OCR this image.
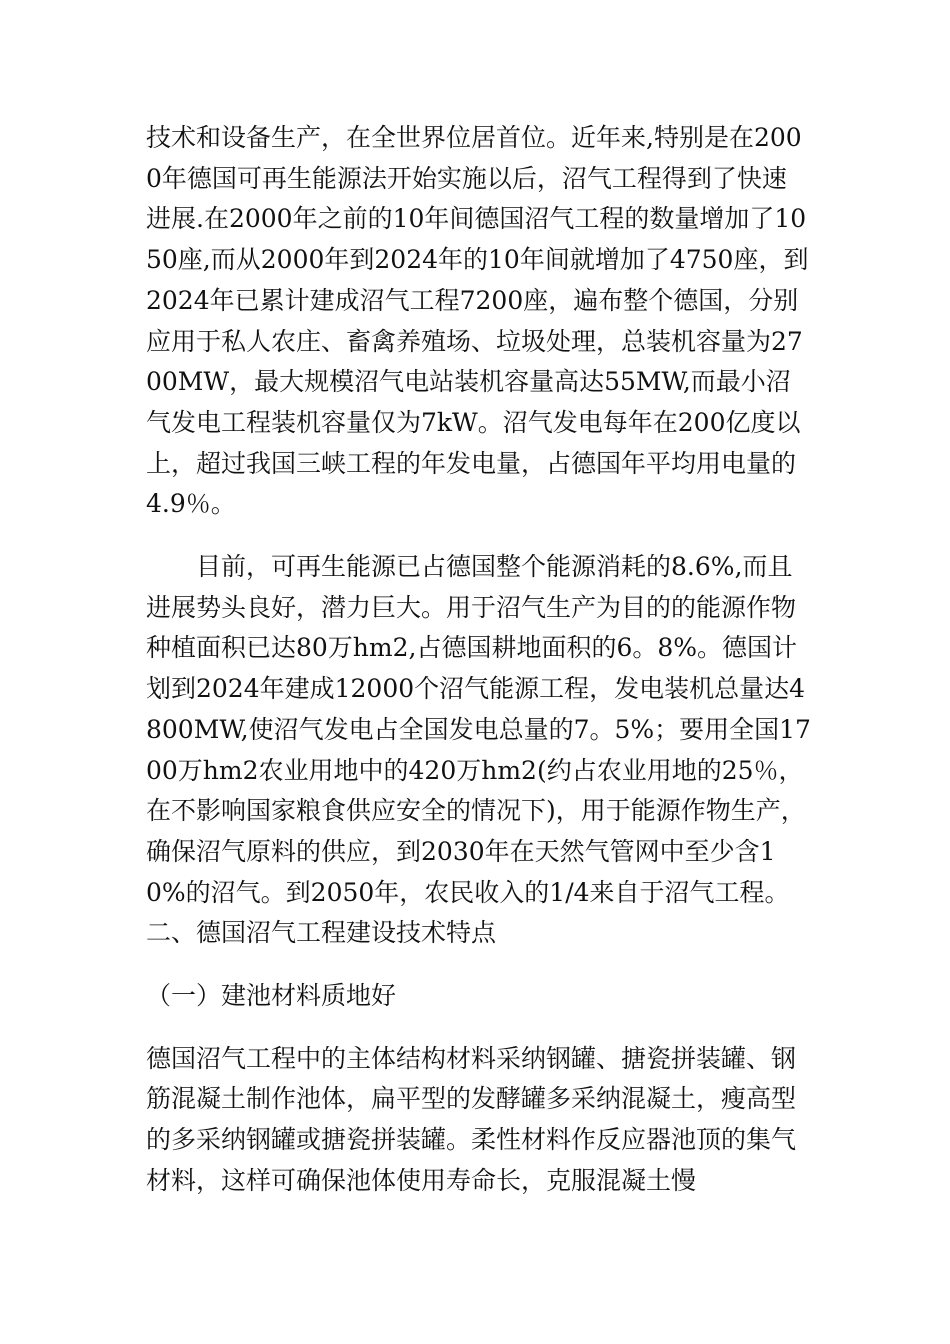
技术和设备生产，在全世界位居首位。近年来,特别是在2000年德国可再生能源法开始实施以后，沼气工程得到了快速进展.在2000年之前的10年间德国沼气工程的数量增加了1050座,而从2000年到2024年的10年间就增加了4750座，到2024年已累计建成沼气工程7200座，遍布整个德国，分别应用于私人农庄、畜禽养殖场、垃圾处理，总装机容量为2700MW，最大规模沼气电站装机容量高达55MW,而最小沼气发电工程装机容量仅为7kW。沼气发电每年在200亿度以上，超过我国三峡工程的年发电量，占德国年平均用电量的4.9％。

目前，可再生能源已占德国整个能源消耗的8.6%,而且进展势头良好，潜力巨大。用于沼气生产为目的的能源作物种植面积已达80万hm2,占德国耕地面积的6。8%。德国计划到2024年建成12000个沼气能源工程，发电装机总量达4800MW,使沼气发电占全国发电总量的7。5%；要用全国1700万hm2农业用地中的420万hm2(约占农业用地的25％，在不影响国家粮食供应安全的情况下)，用于能源作物生产，确保沼气原料的供应，到2030年在天然气管网中至少含10%的沼气。到2050年，农民收入的1/4来自于沼气工程。二、德国沼气工程建设技术特点

（一）建池材料质地好

德国沼气工程中的主体结构材料采纳钢罐、搪瓷拼装罐、钢筋混凝土制作池体，扁平型的发酵罐多采纳混凝土，瘦高型的多采纳钢罐或搪瓷拼装罐。柔性材料作反应器池顶的集气材料，这样可确保池体使用寿命长，克服混凝土慢
